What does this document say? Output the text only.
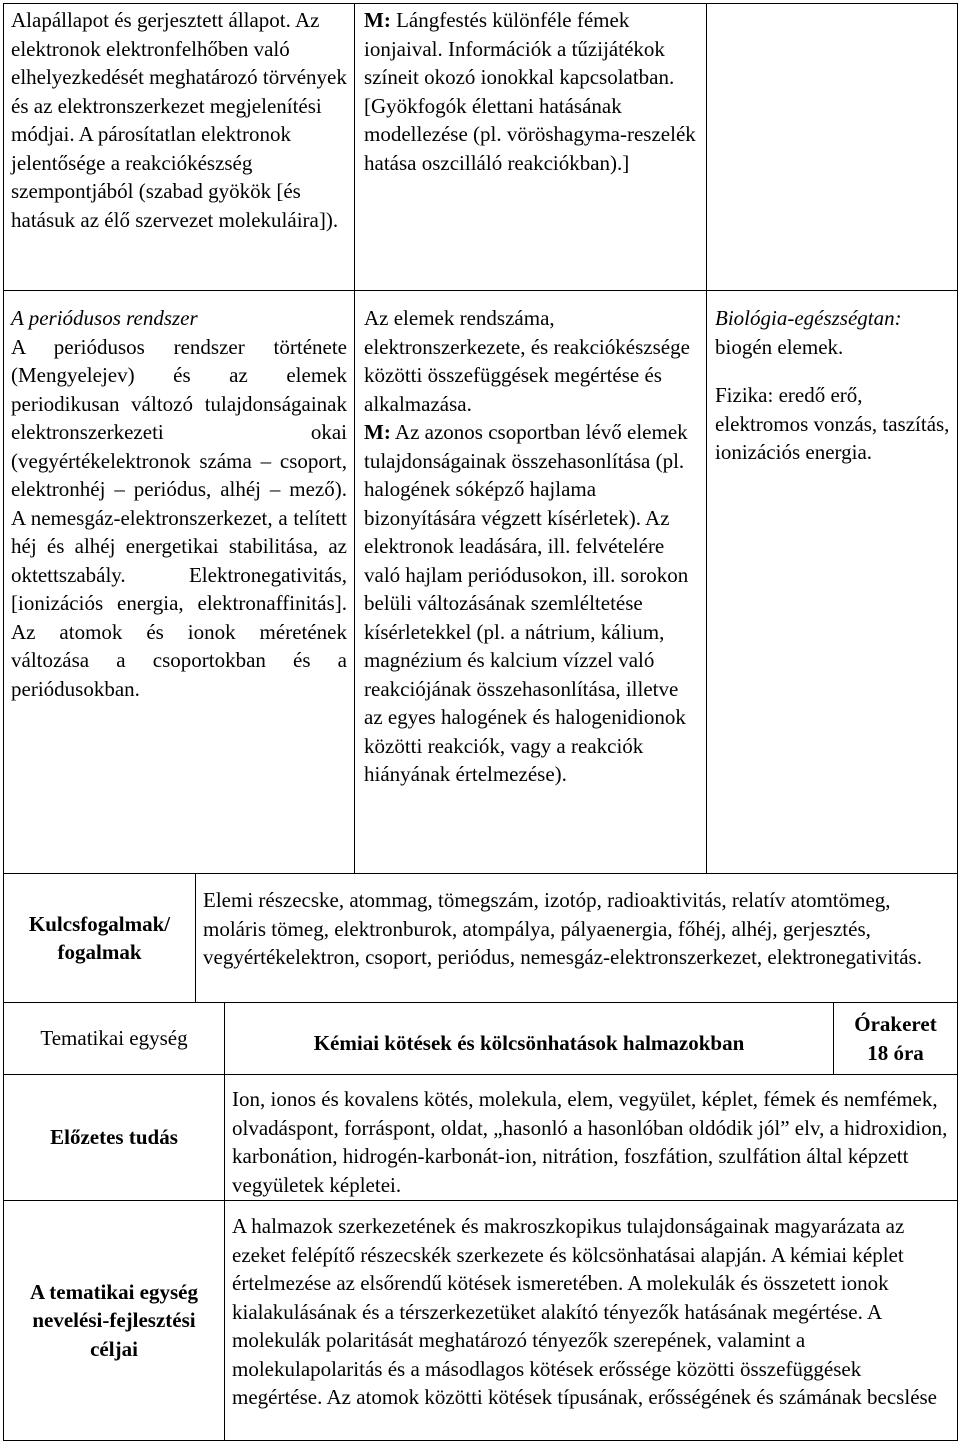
Alapállapot és gerjesztett állapot. Az elektronok elektronfelhőben való elhelyezkedését meghatározó törvények és az elektronszerkezet megjelenítési módjai. A párosítatlan elektronok jelentősége a reakciókészség szempontjából (szabad gyökök [és hatásuk az élő szervezet molekuláira]).

M: Lángfestés különféle fémek ionjaival. Információk a tűzijátékok színeit okozó ionokkal kapcsolatban. [Gyökfogók élettani hatásának modellezése (pl. vöröshagyma-reszelék hatása oszcilláló reakciókban).]

A periódusos rendszer

A periódusos rendszer története (Mengyelejev) és az elemek periodikusan változó tulajdonságainak elektronszerkezeti okai (vegyértékelektronok száma – csoport, elektronhéj – periódus, alhéj – mező). A nemesgáz-elektronszerkezet, a telített héj és alhéj energetikai stabilitása, az oktettszabály. Elektronegativitás, [ionizációs energia, elektronaffinitás]. Az atomok és ionok méretének változása a csoportokban és a periódusokban.

Az elemek rendszáma, elektronszerkezete, és reakciókészsége közötti összefüggések megértése és alkalmazása.

M: Az azonos csoportban lévő elemek tulajdonságainak összehasonlítása (pl. halogének sóképző hajlama bizonyítására végzett kísérletek). Az elektronok leadására, ill. felvételére való hajlam periódusokon, ill. sorokon belüli változásának szemléltetése kísérletekkel (pl. a nátrium, kálium, magnézium és kalcium vízzel való reakciójának összehasonlítása, illetve az egyes halogének és halogenidionok közötti reakciók, vagy a reakciók hiányának értelmezése).

Biológia-egészségtan: biogén elemek.

Fizika: eredő erő, elektromos vonzás, taszítás, ionizációs energia.

Kulcsfogalmak/ fogalmak

Elemi részecske, atommag, tömegszám, izotóp, radioaktivitás, relatív atomtömeg, moláris tömeg, elektronburok, atompálya, pályaenergia, főhéj, alhéj, gerjesztés, vegyértékelektron, csoport, periódus, nemesgáz-elektronszerkezet, elektronegativitás.

Tematikai egység	Kémiai kötések és kölcsönhatások halmazokban

Órakeret

18 óra

Előzetes tudás

Ion, ionos és kovalens kötés, molekula, elem, vegyület, képlet, fémek és nemfémek, olvadáspont, forráspont, oldat, „hasonló a hasonlóban oldódik jól” elv, a hidroxidion, karbonátion, hidrogén-karbonát-ion, nitrátion, foszfátion, szulfátion által képzett vegyületek képletei.

A tematikai egység nevelési-fejlesztési céljai

A halmazok szerkezetének és makroszkopikus tulajdonságainak magyarázata az ezeket felépítő részecskék szerkezete és kölcsönhatásai alapján. A kémiai képlet értelmezése az elsőrendű kötések ismeretében. A molekulák és összetett ionok kialakulásának és a térszerkezetüket alakító tényezők hatásának megértése. A molekulák polaritását meghatározó tényezők szerepének, valamint a molekulapolaritás és a másodlagos kötések erőssége közötti összefüggések megértése. Az atomok közötti kötések típusának, erősségének és számának becslése
